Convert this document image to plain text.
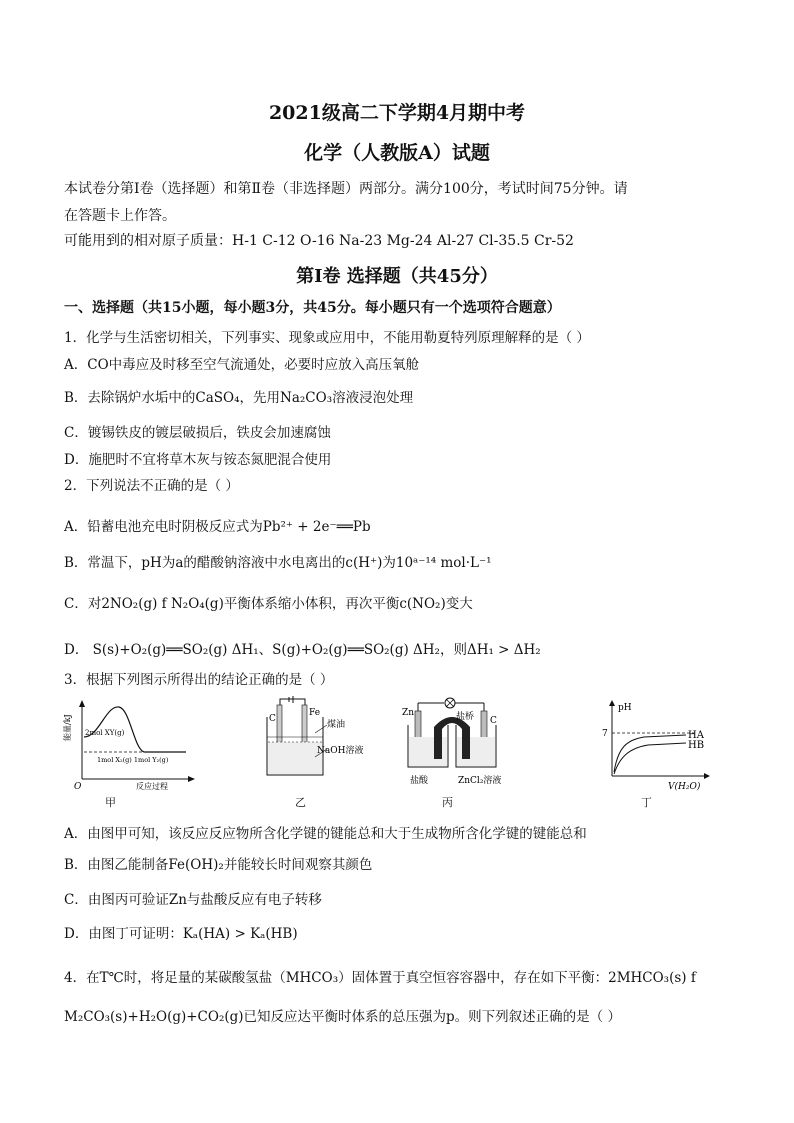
2021级高二下学期4月期中考
化学（人教版A）试题
本试卷分第Ⅰ卷（选择题）和第Ⅱ卷（非选择题）两部分。满分100分，考试时间75分钟。请
在答题卡上作答。
可能用到的相对原子质量：H-1 C-12 O-16 Na-23 Mg-24 Al-27 Cl-35.5 Cr-52
第Ⅰ卷 选择题（共45分）
一、选择题（共15小题，每小题3分，共45分。每小题只有一个选项符合题意）
1．化学与生活密切相关，下列事实、现象或应用中，不能用勒夏特列原理解释的是（ ）
A．CO中毒应及时移至空气流通处，必要时应放入高压氧舱
B．去除锅炉水垢中的CaSO₄，先用Na₂CO₃溶液浸泡处理
C．镀锡铁皮的镀层破损后，铁皮会加速腐蚀
D．施肥时不宜将草木灰与铵态氮肥混合使用
2．下列说法不正确的是（ ）
A．铅蓄电池充电时阴极反应式为Pb²⁺ + 2e⁻══Pb
B．常温下，pH为a的醋酸钠溶液中水电离出的c(H⁺)为10ᵃ⁻¹⁴ mol·L⁻¹
C．对2NO₂(g) f N₂O₄(g)平衡体系缩小体积，再次平衡c(NO₂)变大
D． S(s)+O₂(g)══SO₂(g) ΔH₁、S(g)+O₂(g)══SO₂(g) ΔH₂，则ΔH₁ > ΔH₂
3．根据下列图示所得出的结论正确的是（ ）
能量/kJ 2mol XY(g)
1mol X₂(g) 1mol Y₂(g)
O	反应过程
甲
C
Fe
煤油
NaOH溶液
乙
Zn	盐桥 C
盐酸	ZnCl₂溶液
丙
pH
7	HA
HB
V(H₂O)
丁
A．由图甲可知，该反应反应物所含化学键的键能总和大于生成物所含化学键的键能总和
B．由图乙能制备Fe(OH)₂并能较长时间观察其颜色
C．由图丙可验证Zn与盐酸反应有电子转移
D．由图丁可证明：Kₐ(HA) > Kₐ(HB)
4．在T℃时，将足量的某碳酸氢盐（MHCO₃）固体置于真空恒容容器中，存在如下平衡：2MHCO₃(s) f
M₂CO₃(s)+H₂O(g)+CO₂(g)已知反应达平衡时体系的总压强为p。则下列叙述正确的是（ ）
